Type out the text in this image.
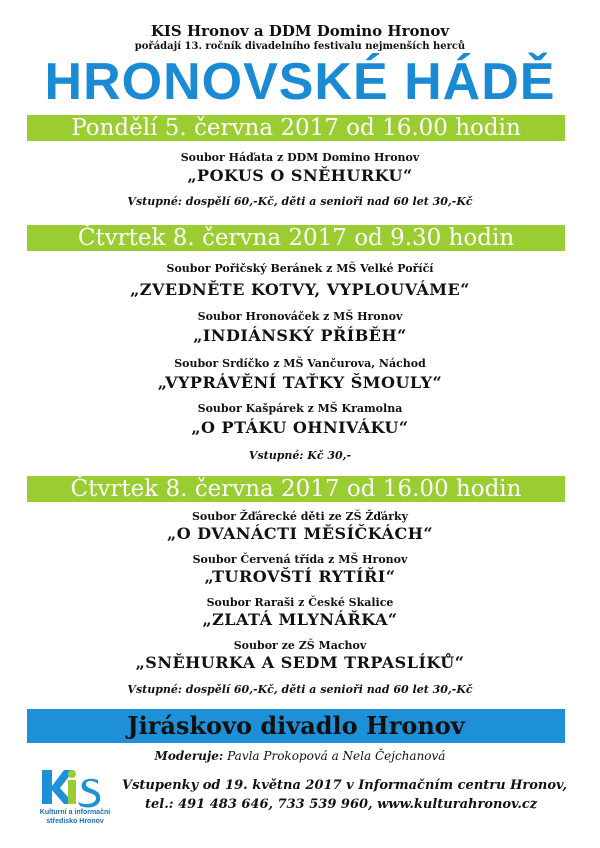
KIS Hronov a DDM Domino Hronov
pořádají 13. ročník divadelního festivalu nejmenších herců
HRONOVSKÉ HÁDĚ
Pondělí 5. června 2017 od 16.00 hodin
Soubor Háďata z DDM Domino Hronov
„POKUS O SNĚHURKU“
Vstupné: dospělí 60,-Kč, děti a senioři nad 60 let 30,-Kč
Čtvrtek 8. června 2017 od 9.30 hodin
Soubor Pořičský Beránek z MŠ Velké Poříčí
„ZVEDNĚTE KOTVY, VYPLOUVÁME“
Soubor Hronováček z MŠ Hronov
„INDIÁNSKÝ PŘÍBĚH“
Soubor Srdíčko z MŠ Vančurova, Náchod
„VYPRÁVĚNÍ TAŤKY ŠMOULY“
Soubor Kašpárek z MŠ Kramolna
„O PTÁKU OHNIVÁKU“
Vstupné: Kč 30,-
Čtvrtek 8. června 2017 od 16.00 hodin
Soubor Žďárecké děti ze ZŠ Žďárky
„O DVANÁCTI MĚSÍČKÁCH“
Soubor Červená třída z MŠ Hronov
„TUROVŠTÍ RYTÍŘI“
Soubor Raraši z České Skalice
„ZLATÁ MLYNÁŘKA“
Soubor ze ZŠ Machov
„SNĚHURKA A SEDM TRPASLÍKŮ“
Vstupné: dospělí 60,-Kč, děti a senioři nad 60 let 30,-Kč
Jiráskovo divadlo Hronov
Moderuje: Pavla Prokopová a Nela Čejchanová
Kulturní a informační
středisko Hronov
Vstupenky od 19. května 2017 v Informačním centru Hronov,
tel.: 491 483 646, 733 539 960, www.kulturahronov.cz
